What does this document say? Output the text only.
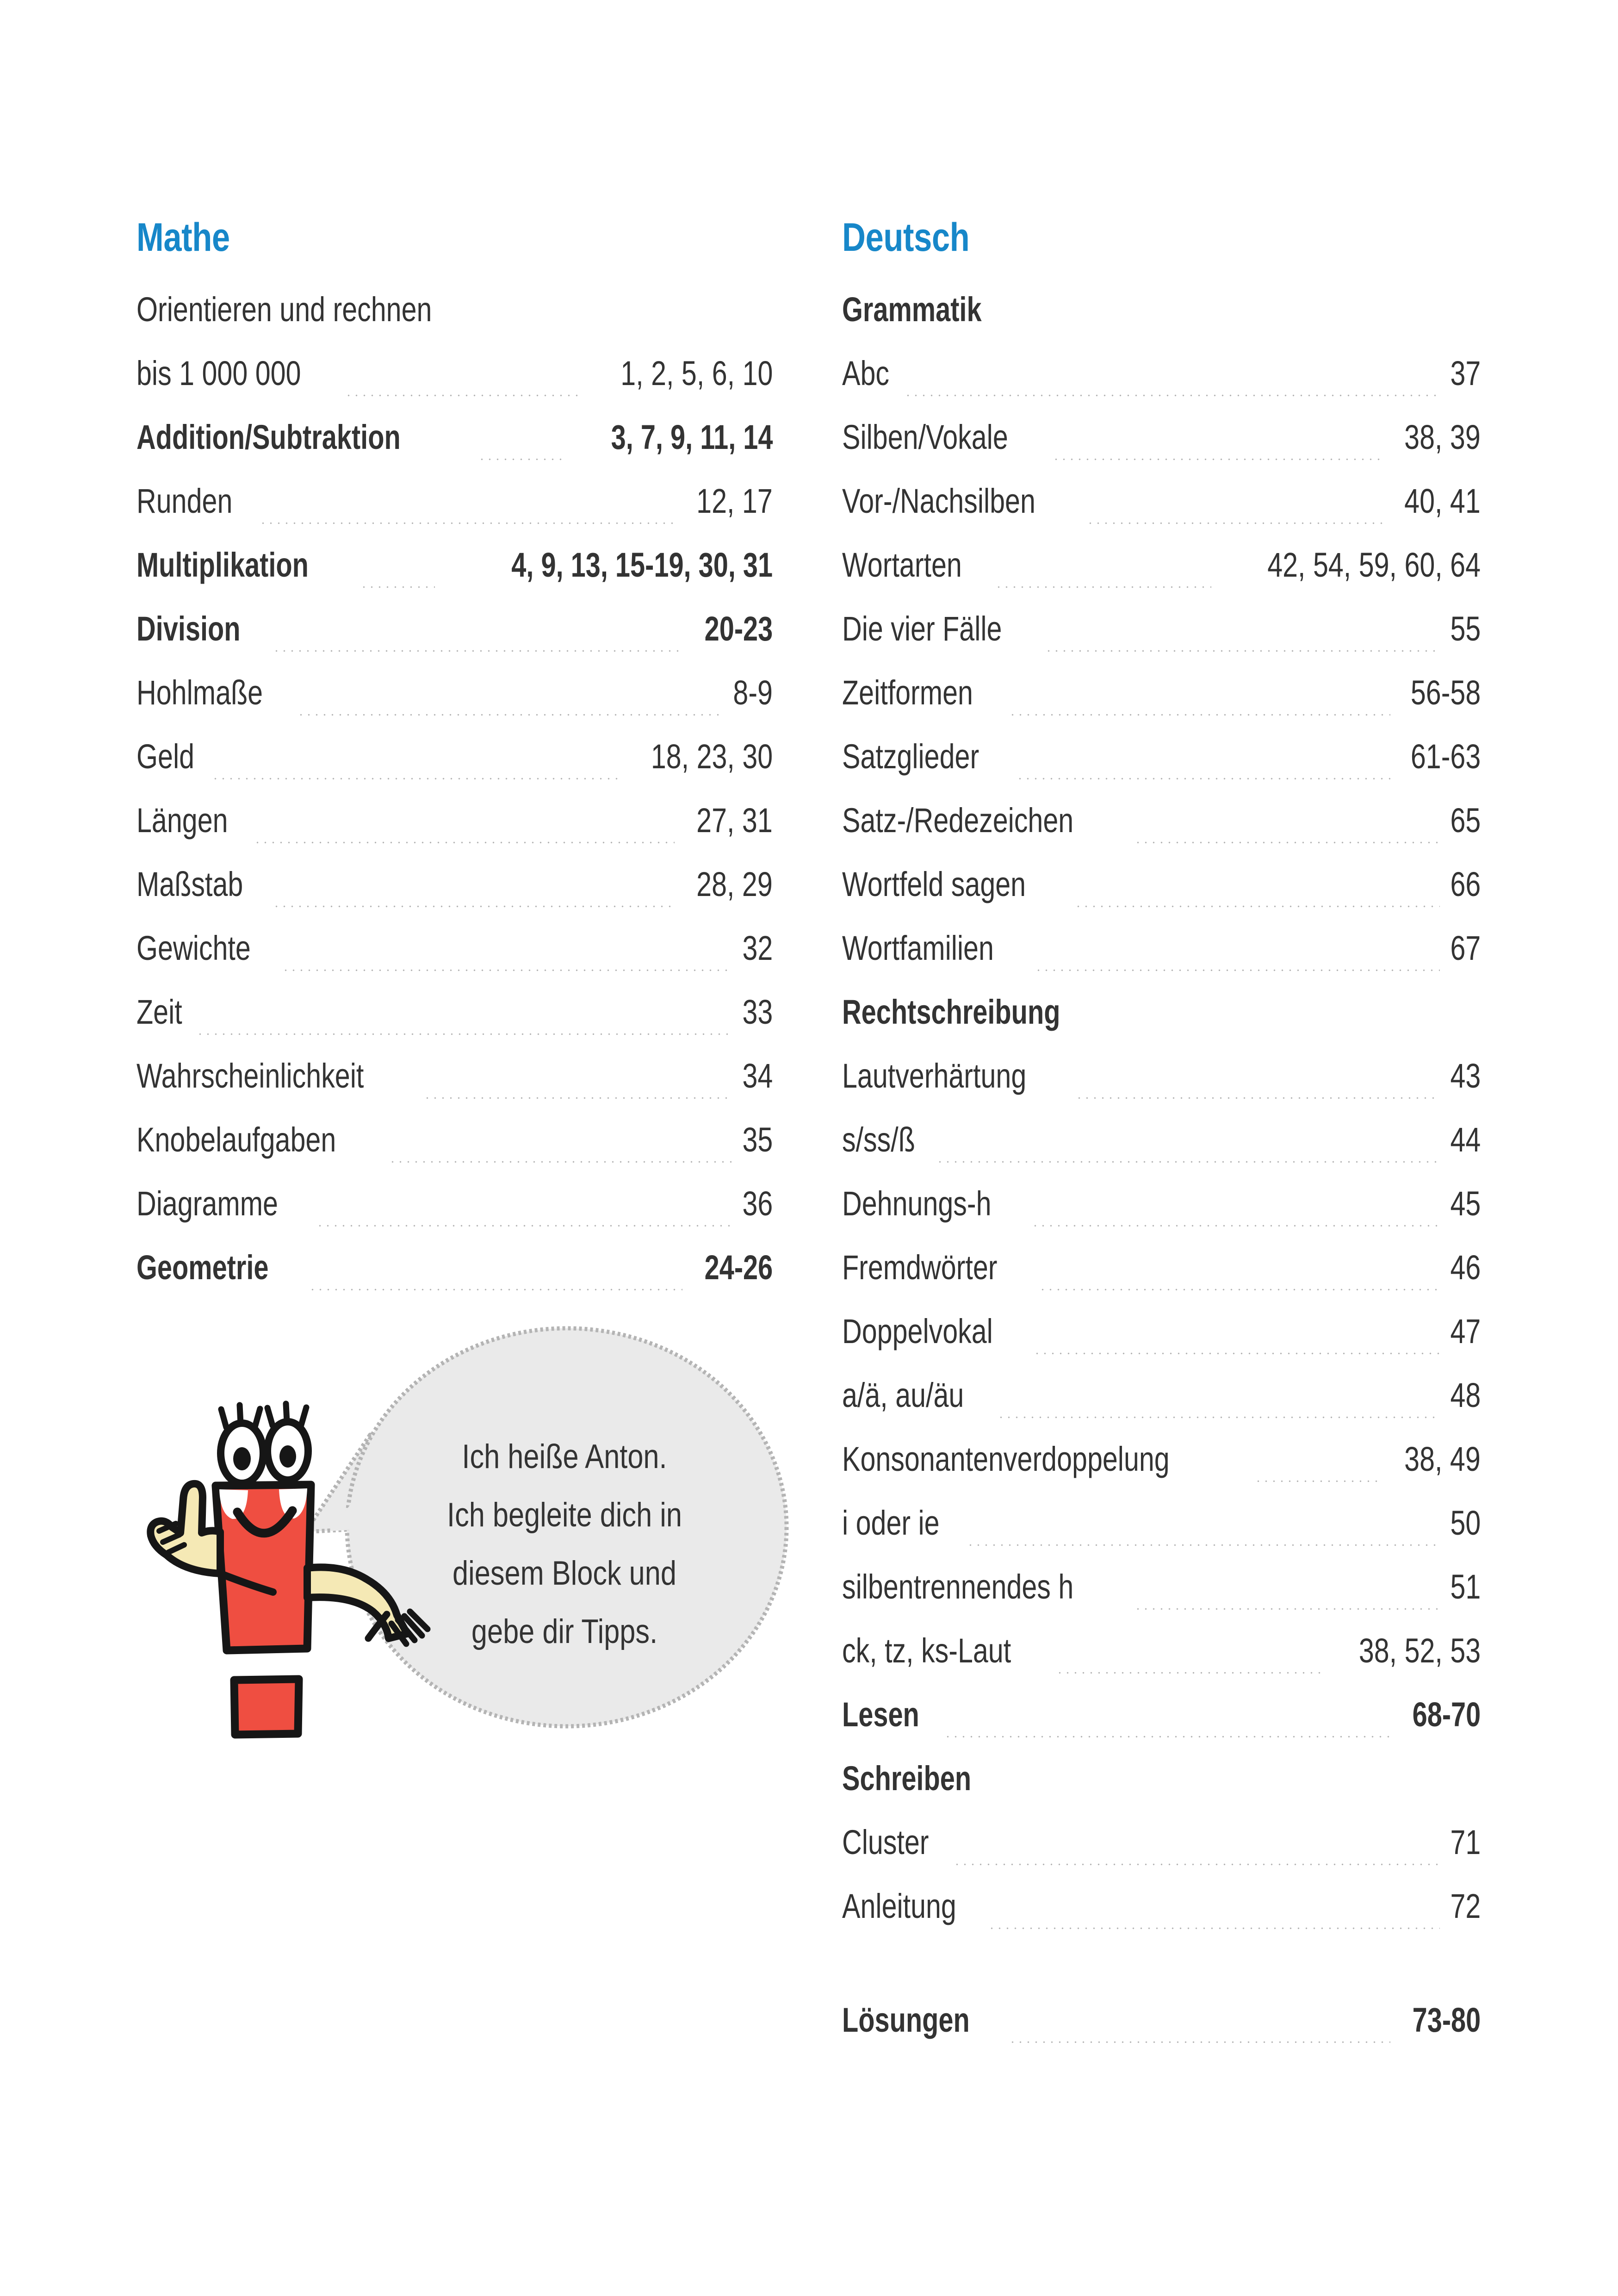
Mathe
Orientieren und rechnen
bis 1 000 000	1, 2, 5, 6, 10
Addition/Subtraktion	3, 7, 9, 11, 14
Runden	12, 17
Multiplikation	4, 9, 13, 15-19, 30, 31
Division	20-23
Hohlmaße	8-9
Geld	18, 23, 30
Längen	27, 31
Maßstab	28, 29
Gewichte	32
Zeit	33
Wahrscheinlichkeit	34
Knobelaufgaben	35
Diagramme	36
Geometrie	24-26
Deutsch
Grammatik
Abc	37
Silben/Vokale	38, 39
Vor-/Nachsilben	40, 41
Wortarten	42, 54, 59, 60, 64
Die vier Fälle	55
Zeitformen	56-58
Satzglieder	61-63
Satz-/Redezeichen	65
Wortfeld sagen	66
Wortfamilien	67
Rechtschreibung
Lautverhärtung	43
s/ss/ß	44
Dehnungs-h	45
Fremdwörter	46
Doppelvokal	47
a/ä, au/äu	48
Konsonantenverdoppelung	38, 49
i oder ie	50
silbentrennendes h	51
ck, tz, ks-Laut	38, 52, 53
Lesen	68-70
Schreiben
Cluster	71
Anleitung	72
Lösungen	73-80
Ich heiße Anton.
Ich begleite dich in
diesem Block und
gebe dir Tipps.
